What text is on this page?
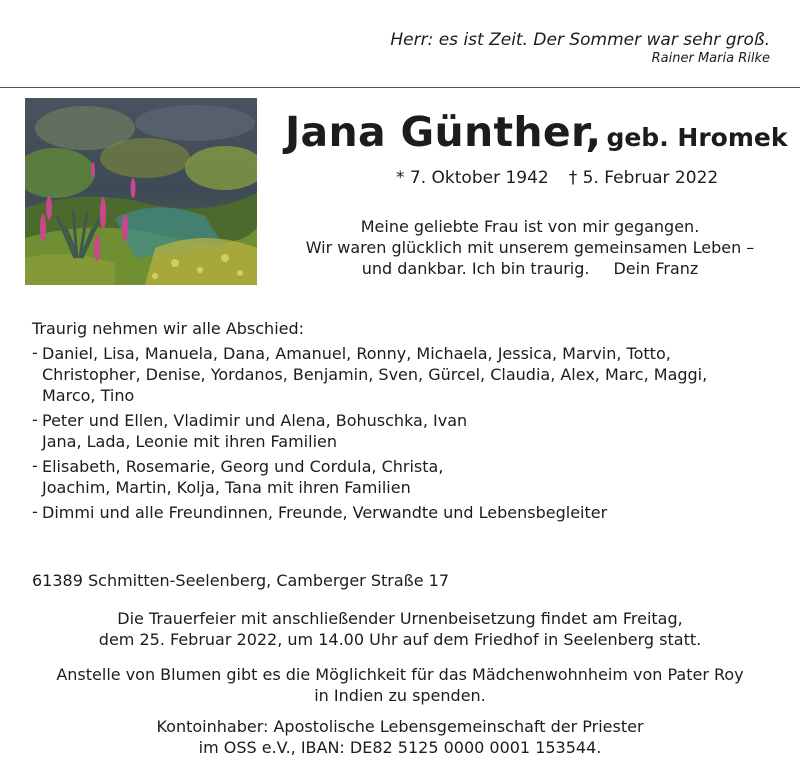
Herr: es ist Zeit. Der Sommer war sehr groß.
Rainer Maria Rilke
Jana Günther, geb. Hromek
* 7. Oktober 1942 † 5. Februar 2022
Meine geliebte Frau ist von mir gegangen.
Wir waren glücklich mit unserem gemeinsamen Leben –
und dankbar. Ich bin traurig. Dein Franz
Traurig nehmen wir alle Abschied:
- Daniel, Lisa, Manuela, Dana, Amanuel, Ronny, Michaela, Jessica, Marvin, Totto,
Christopher, Denise, Yordanos, Benjamin, Sven, Gürcel, Claudia, Alex, Marc, Maggi,
Marco, Tino
- Peter und Ellen, Vladimir und Alena, Bohuschka, Ivan
Jana, Lada, Leonie mit ihren Familien
- Elisabeth, Rosemarie, Georg und Cordula, Christa,
Joachim, Martin, Kolja, Tana mit ihren Familien
- Dimmi und alle Freundinnen, Freunde, Verwandte und Lebensbegleiter
61389 Schmitten-Seelenberg, Camberger Straße 17
Die Trauerfeier mit anschließender Urnenbeisetzung findet am Freitag,
dem 25. Februar 2022, um 14.00 Uhr auf dem Friedhof in Seelenberg statt.
Anstelle von Blumen gibt es die Möglichkeit für das Mädchenwohnheim von Pater Roy
in Indien zu spenden.
Kontoinhaber: Apostolische Lebensgemeinschaft der Priester
im OSS e.V., IBAN: DE82 5125 0000 0001 153544.
